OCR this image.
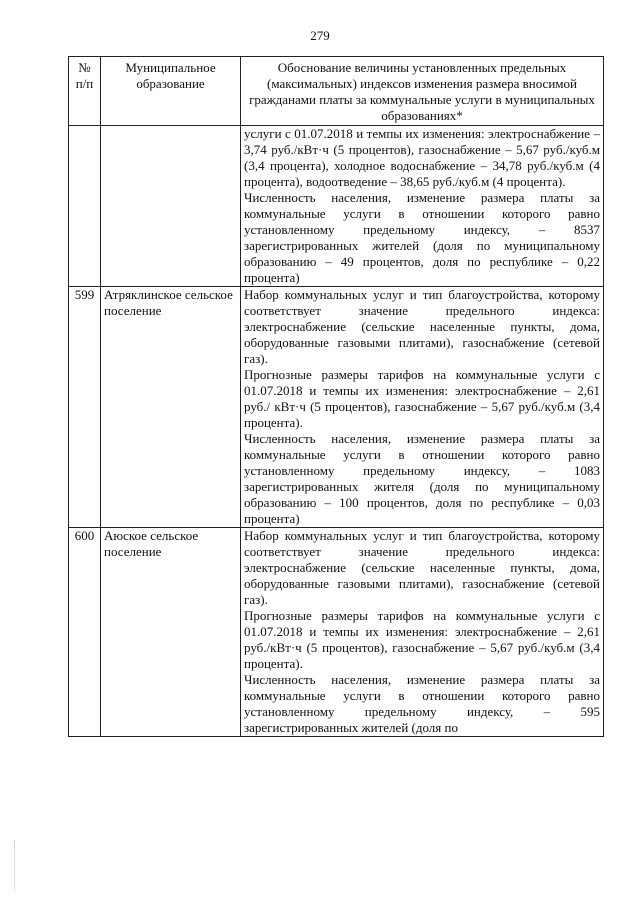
279
№ п/п	Муниципальное образование	Обоснование величины установленных предельных (максимальных) индексов изменения размера вносимой гражданами платы за коммунальные услуги в муниципальных образованиях*

		услуги с 01.07.2018 и темпы их изменения: электроснабжение – 3,74 руб./кВт·ч (5 процентов), газоснабжение – 5,67 руб./куб.м (3,4 процента), холодное водоснабжение – 34,78 руб./куб.м (4 процента), водоотведение – 38,65 руб./куб.м (4 процента).

Численность населения, изменение размера платы за коммунальные услуги в отношении которого равно установленному предельному индексу, – 8537 зарегистрированных жителей (доля по муниципальному образованию – 49 процентов, доля по республике – 0,22 процента)

599	Атряклинское сельское поселение	Набор коммунальных услуг и тип благоустройства, которому соответствует значение предельного индекса: электроснабжение (сельские населенные пункты, дома, оборудованные газовыми плитами), газоснабжение (сетевой газ).

Прогнозные размеры тарифов на коммунальные услуги с 01.07.2018 и темпы их изменения: электроснабжение – 2,61 руб./ кВт·ч (5 процентов), газоснабжение – 5,67 руб./куб.м (3,4 процента).

Численность населения, изменение размера платы за коммунальные услуги в отношении которого равно установленному предельному индексу, – 1083 зарегистрированных жителя (доля по муниципальному образованию – 100 процентов, доля по республике – 0,03 процента)

600	Аюское сельское поселение	Набор коммунальных услуг и тип благоустройства, которому соответствует значение предельного индекса: электроснабжение (сельские населенные пункты, дома, оборудованные газовыми плитами), газоснабжение (сетевой газ).

Прогнозные размеры тарифов на коммунальные услуги с 01.07.2018 и темпы их изменения: электроснабжение – 2,61 руб./кВт·ч (5 процентов), газоснабжение – 5,67 руб./куб.м (3,4 процента).

Численность населения, изменение размера платы за коммунальные услуги в отношении которого равно установленному предельному индексу, – 595 зарегистрированных жителей (доля по
